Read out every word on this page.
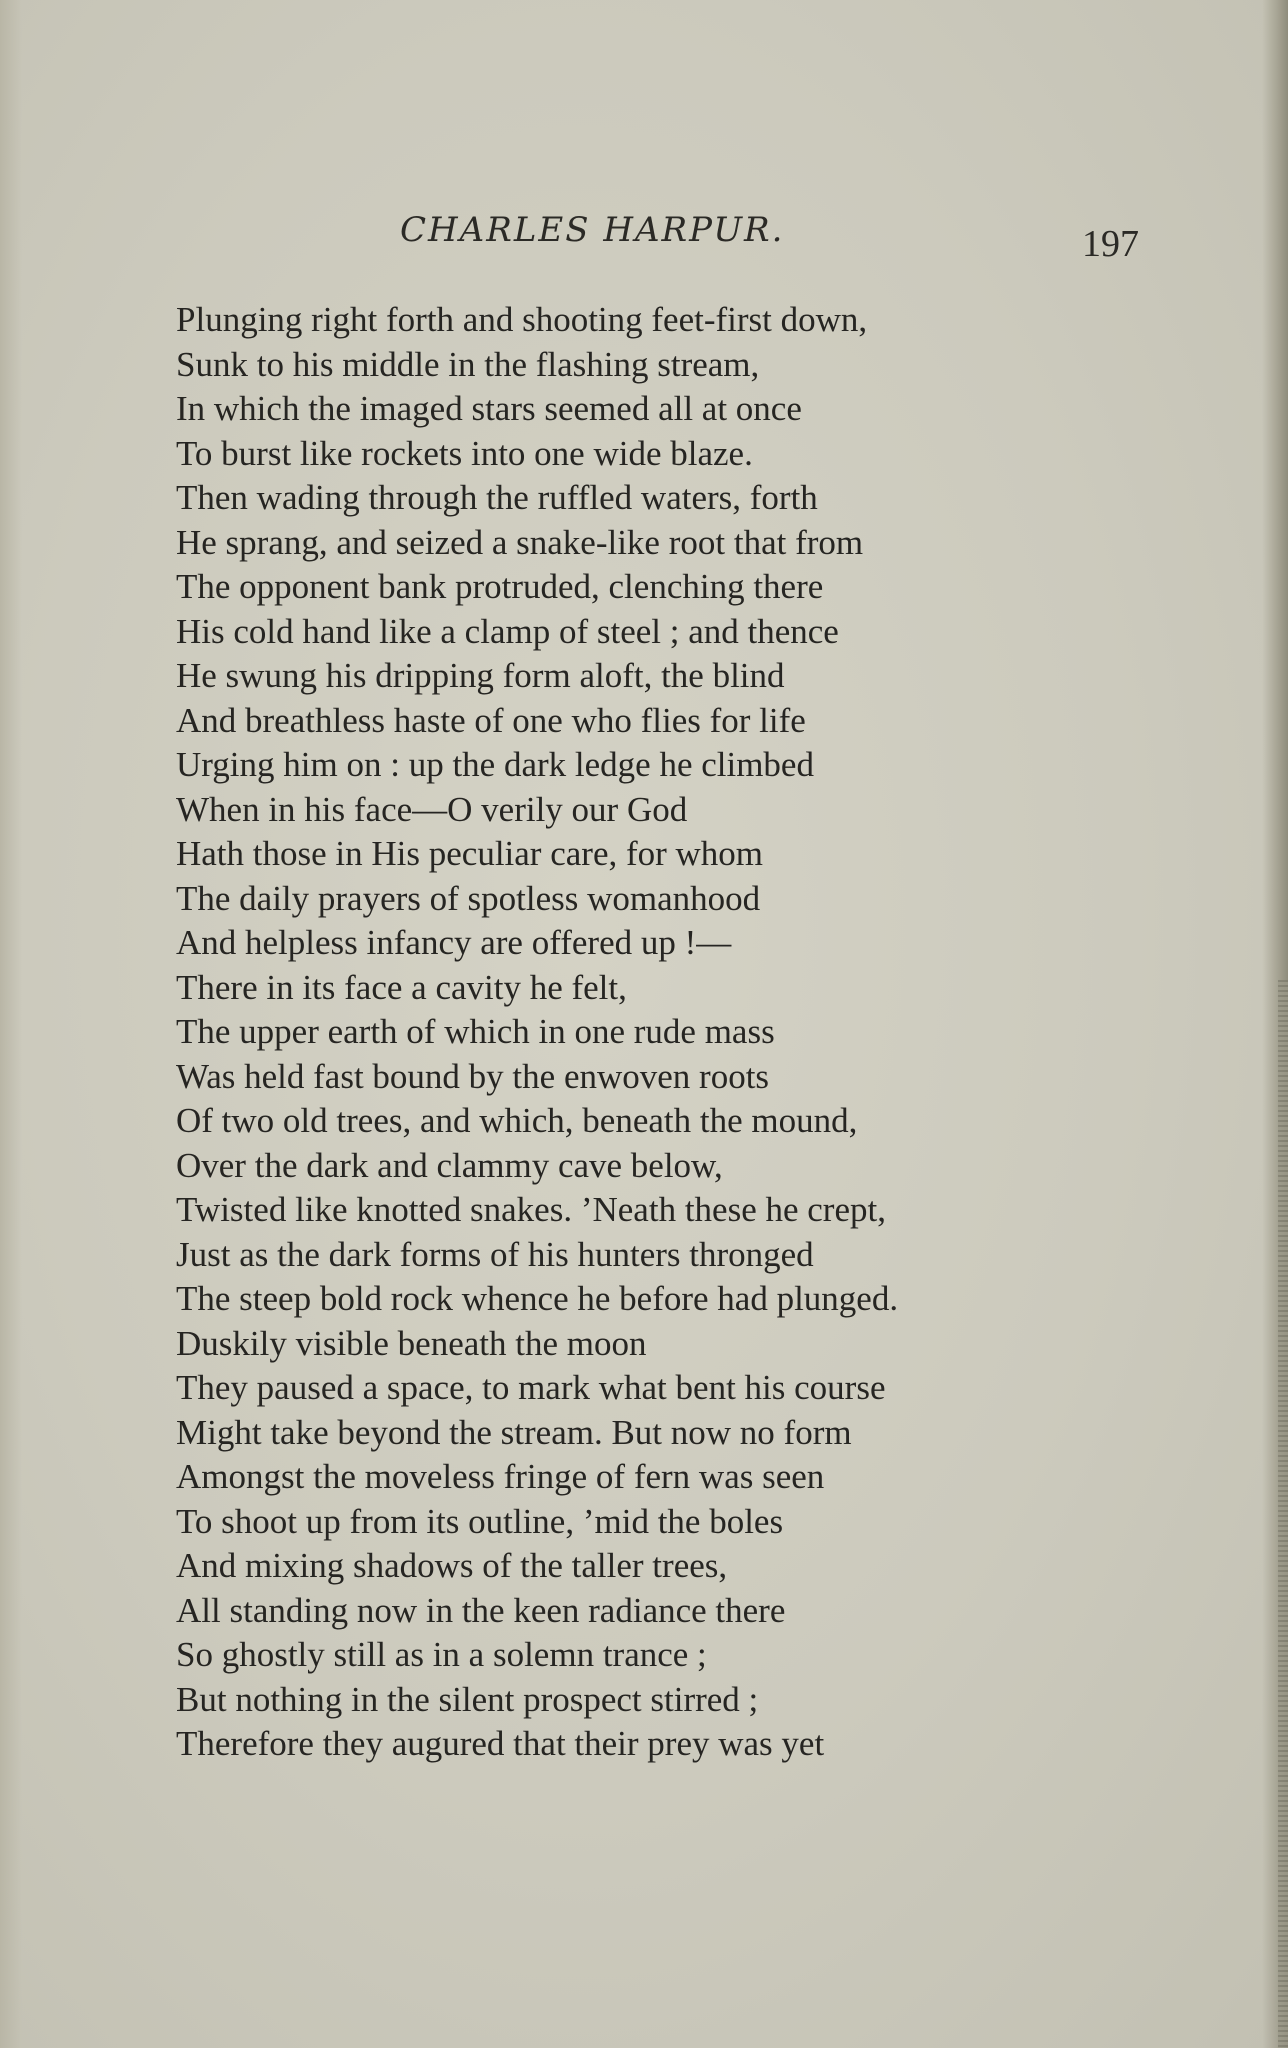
CHARLES HARPUR.	197
Plunging right forth and shooting feet-first down,
Sunk to his middle in the flashing stream,
In which the imaged stars seemed all at once
To burst like rockets into one wide blaze.
Then wading through the ruffled waters, forth
He sprang, and seized a snake-like root that from
The opponent bank protruded, clenching there
His cold hand like a clamp of steel ; and thence
He swung his dripping form aloft, the blind
And breathless haste of one who flies for life
Urging him on : up the dark ledge he climbed
When in his face—O verily our God
Hath those in His peculiar care, for whom
The daily prayers of spotless womanhood
And helpless infancy are offered up !—
There in its face a cavity he felt,
The upper earth of which in one rude mass
Was held fast bound by the enwoven roots
Of two old trees, and which, beneath the mound,
Over the dark and clammy cave below,
Twisted like knotted snakes. ’Neath these he crept,
Just as the dark forms of his hunters thronged
The steep bold rock whence he before had plunged.
Duskily visible beneath the moon
They paused a space, to mark what bent his course
Might take beyond the stream. But now no form
Amongst the moveless fringe of fern was seen
To shoot up from its outline, ’mid the boles
And mixing shadows of the taller trees,
All standing now in the keen radiance there
So ghostly still as in a solemn trance ;
But nothing in the silent prospect stirred ;
Therefore they augured that their prey was yet
